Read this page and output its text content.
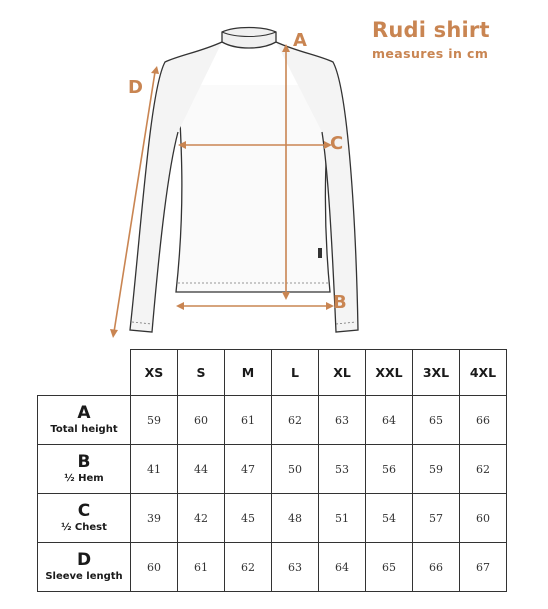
Rudi shirt
measures in cm
A
B
C
D
	XS	S	M	L	XL	XXL	3XL	4XL

A
Total height	59	60	61	62	63	64	65	66

B
½ Hem	41	44	47	50	53	56	59	62

C
½ Chest	39	42	45	48	51	54	57	60

D
Sleeve length	60	61	62	63	64	65	66	67
